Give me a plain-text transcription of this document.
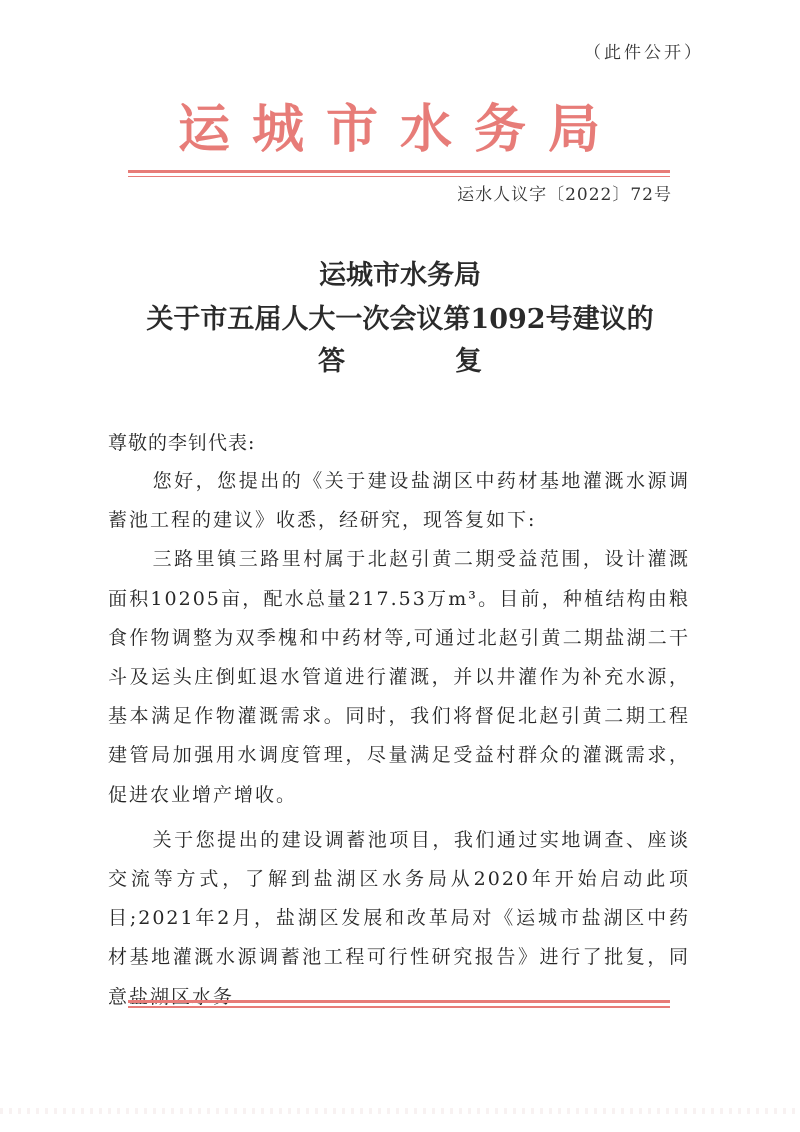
（此件公开）
运城市水务局
运水人议字〔2022〕72号
运城市水务局
关于市五届人大一次会议第1092号建议的
答	复
尊敬的李钊代表:

您好，您提出的《关于建设盐湖区中药材基地灌溉水源调蓄池工程的建议》收悉，经研究，现答复如下:

三路里镇三路里村属于北赵引黄二期受益范围，设计灌溉面积10205亩，配水总量217.53万m³。目前，种植结构由粮食作物调整为双季槐和中药材等,可通过北赵引黄二期盐湖二干斗及运头庄倒虹退水管道进行灌溉，并以井灌作为补充水源，基本满足作物灌溉需求。同时，我们将督促北赵引黄二期工程建管局加强用水调度管理，尽量满足受益村群众的灌溉需求，促进农业增产增收。

关于您提出的建设调蓄池项目，我们通过实地调查、座谈交流等方式，了解到盐湖区水务局从2020年开始启动此项目;2021年2月，盐湖区发展和改革局对《运城市盐湖区中药材基地灌溉水源调蓄池工程可行性研究报告》进行了批复，同意盐湖区水务
